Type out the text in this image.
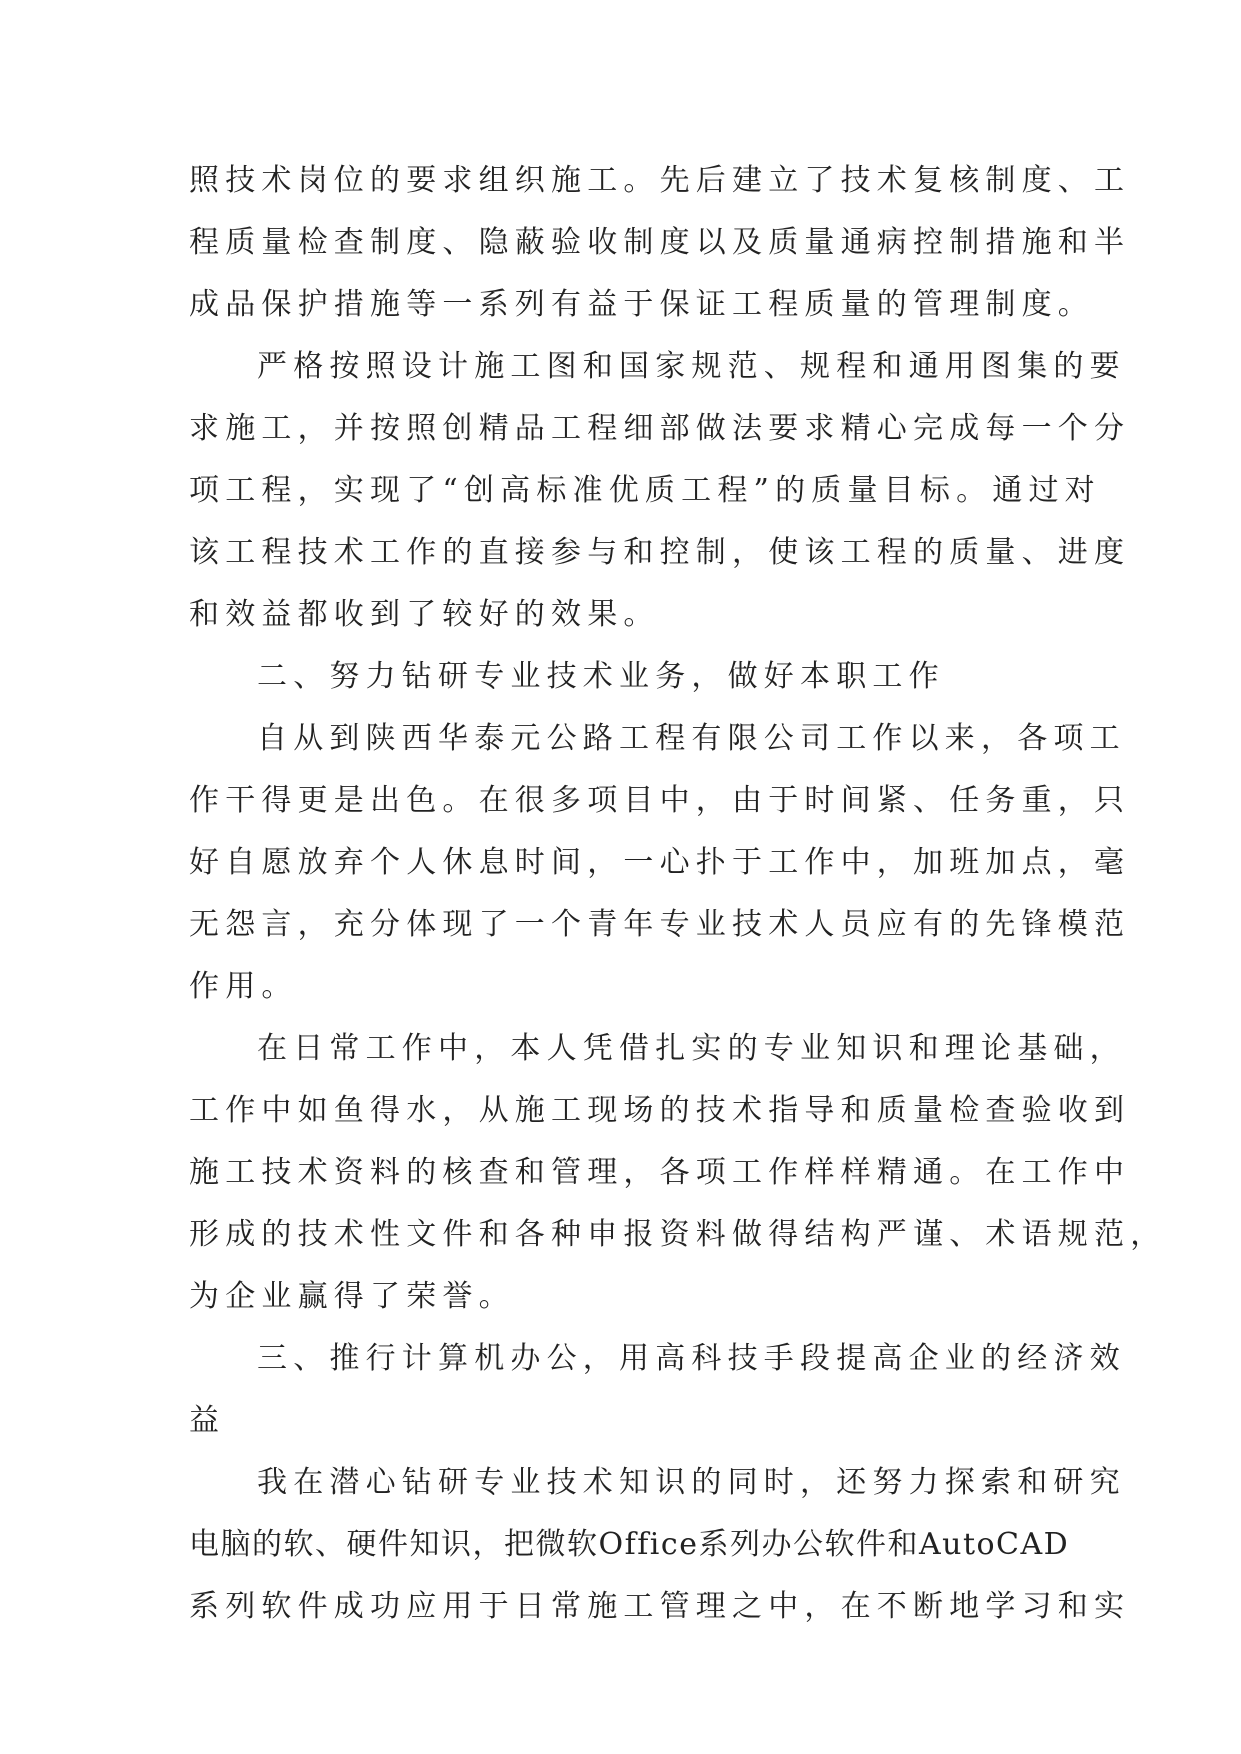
照技术岗位的要求组织施工。先后建立了技术复核制度、工
程质量检查制度、隐蔽验收制度以及质量通病控制措施和半
成品保护措施等一系列有益于保证工程质量的管理制度。
严格按照设计施工图和国家规范、规程和通用图集的要
求施工，并按照创精品工程细部做法要求精心完成每一个分
项工程，实现了“创高标准优质工程”的质量目标。通过对
该工程技术工作的直接参与和控制，使该工程的质量、进度
和效益都收到了较好的效果。
二、努力钻研专业技术业务，做好本职工作
自从到陕西华泰元公路工程有限公司工作以来，各项工
作干得更是出色。在很多项目中，由于时间紧、任务重，只
好自愿放弃个人休息时间，一心扑于工作中，加班加点，毫
无怨言，充分体现了一个青年专业技术人员应有的先锋模范
作用。
在日常工作中，本人凭借扎实的专业知识和理论基础，
工作中如鱼得水，从施工现场的技术指导和质量检查验收到
施工技术资料的核查和管理，各项工作样样精通。在工作中
形成的技术性文件和各种申报资料做得结构严谨、术语规范，
为企业赢得了荣誉。
三、推行计算机办公，用高科技手段提高企业的经济效
益
我在潜心钻研专业技术知识的同时，还努力探索和研究
电脑的软、硬件知识，把微软Office系列办公软件和AutoCAD
系列软件成功应用于日常施工管理之中，在不断地学习和实
